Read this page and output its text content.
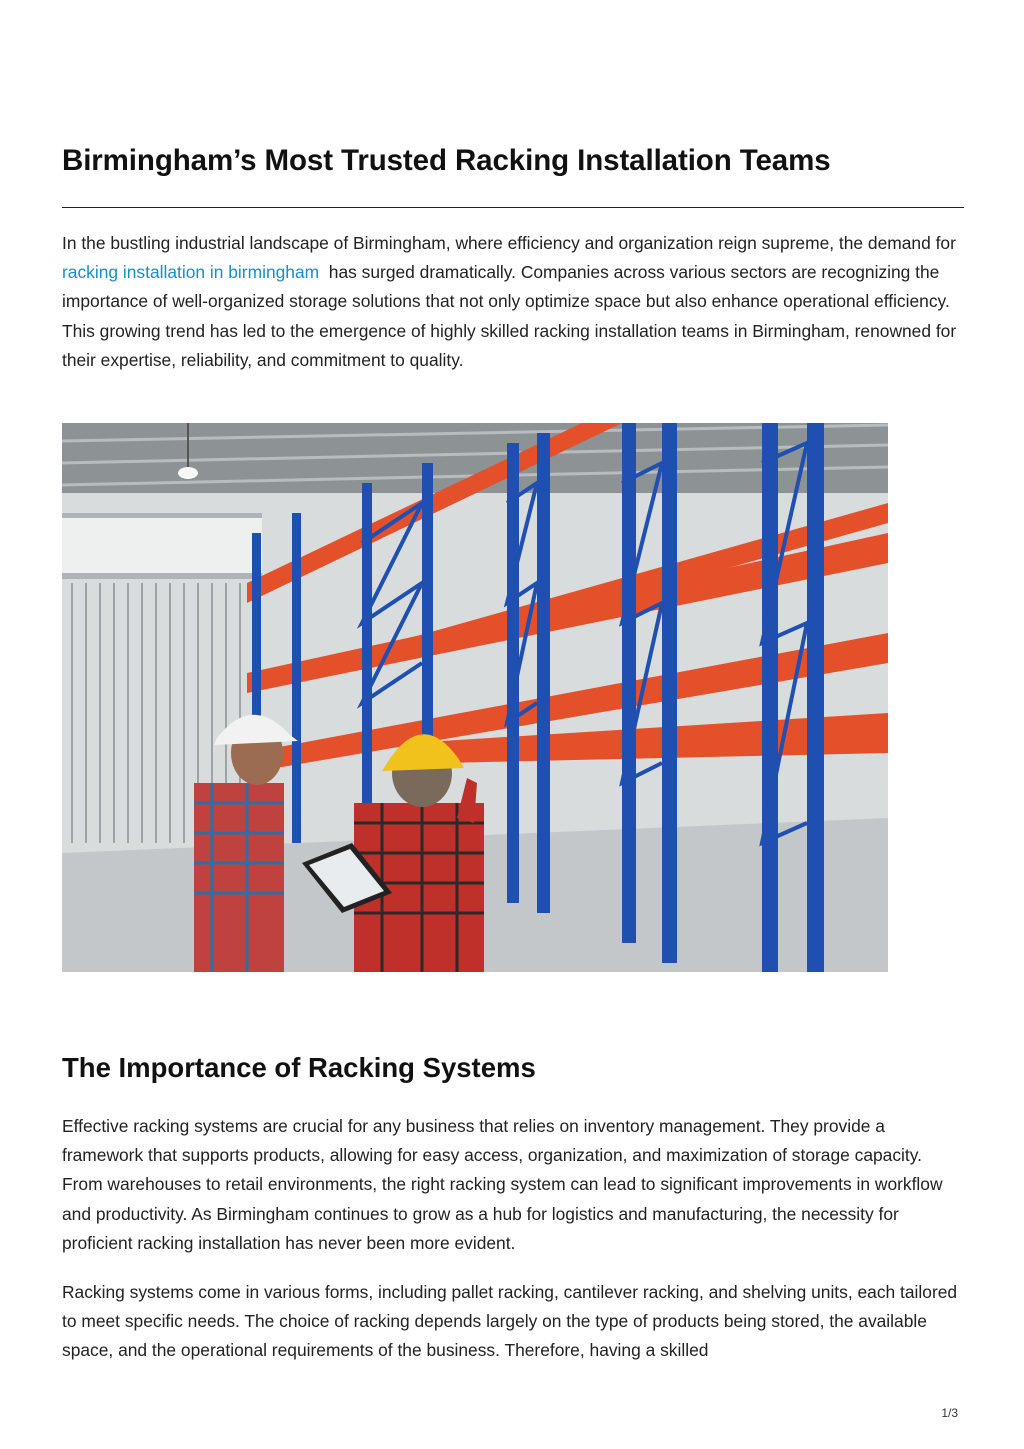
Birmingham’s Most Trusted Racking Installation Teams

In the bustling industrial landscape of Birmingham, where efficiency and organization reign supreme, the demand for racking installation in birmingham  has surged dramatically. Companies across various sectors are recognizing the importance of well-organized storage solutions that not only optimize space but also enhance operational efficiency. This growing trend has led to the emergence of highly skilled racking installation teams in Birmingham, renowned for their expertise, reliability, and commitment to quality.

The Importance of Racking Systems

Effective racking systems are crucial for any business that relies on inventory management. They provide a framework that supports products, allowing for easy access, organization, and maximization of storage capacity. From warehouses to retail environments, the right racking system can lead to significant improvements in workflow and productivity. As Birmingham continues to grow as a hub for logistics and manufacturing, the necessity for proficient racking installation has never been more evident.

Racking systems come in various forms, including pallet racking, cantilever racking, and shelving units, each tailored to meet specific needs. The choice of racking depends largely on the type of products being stored, the available space, and the operational requirements of the business. Therefore, having a skilled

1/3
